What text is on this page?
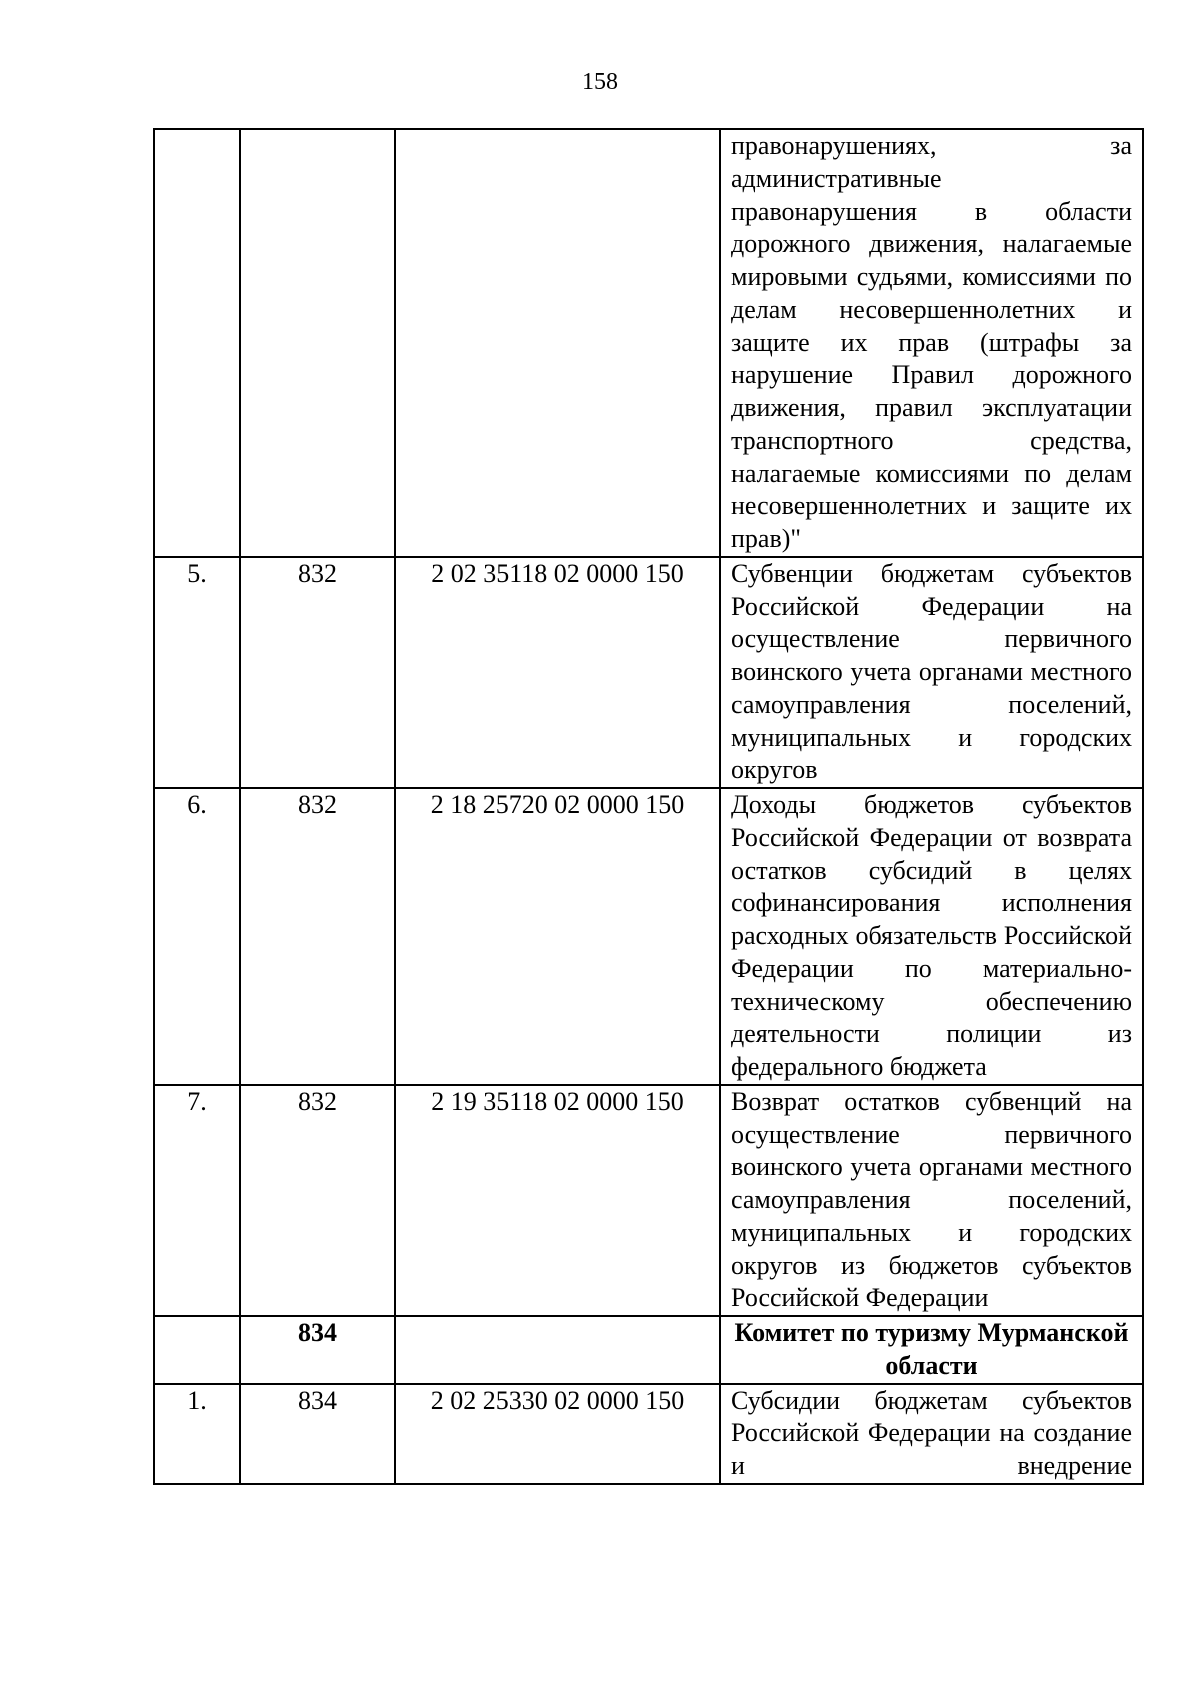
158
			правонарушениях, за административные правонарушения в области дорожного движения, налагаемые мировыми судьями, комиссиями по делам несовершеннолетних и защите их прав (штрафы за нарушение Правил дорожного движения, правил эксплуатации транспортного средства, налагаемые комиссиями по делам несовершеннолетних и защите их прав)"
5.	832	2 02 35118 02 0000 150	Субвенции бюджетам субъектов Российской Федерации на осуществление первичного воинского учета органами местного самоуправления поселений, муниципальных и городских округов
6.	832	2 18 25720 02 0000 150	Доходы бюджетов субъектов Российской Федерации от возврата остатков субсидий в целях софинансирования исполнения расходных обязательств Российской Федерации по материально-техническому обеспечению деятельности полиции из федерального бюджета
7.	832	2 19 35118 02 0000 150	Возврат остатков субвенций на осуществление первичного воинского учета органами местного самоуправления поселений, муниципальных и городских округов из бюджетов субъектов Российской Федерации
	834		Комитет по туризму Мурманской области
1.	834	2 02 25330 02 0000 150	Субсидии бюджетам субъектов Российской Федерации на создание и внедрение
